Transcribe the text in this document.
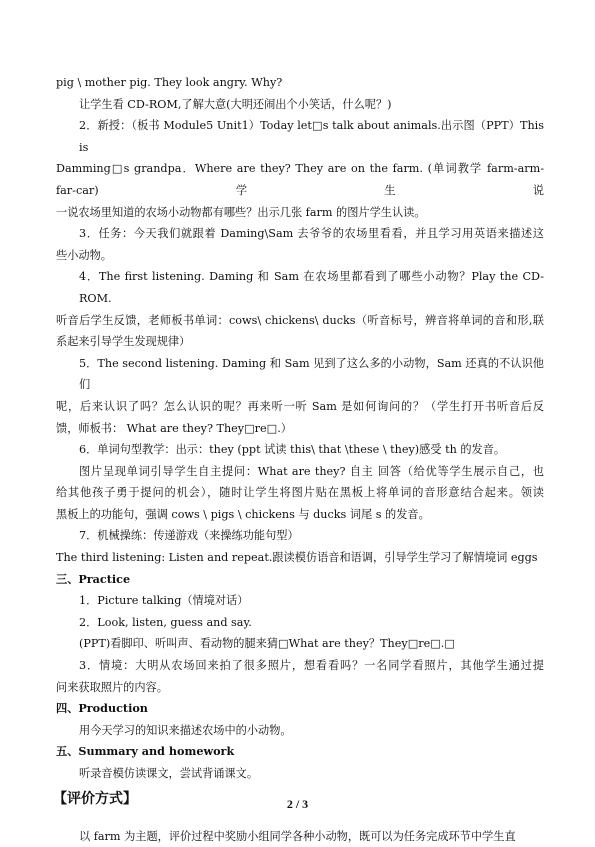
pig \ mother pig. They look angry. Why?

让学生看 CD-ROM,了解大意(大明还闹出个小笑话，什么呢？)

2．新授：（板书 Module5 Unit1）Today let□s talk about animals.出示图（PPT）This is

Damming□s grandpa．Where are they? They are on the farm. (单词教学 farm-arm- far-car)学生说

一说农场里知道的农场小动物都有哪些？出示几张 farm 的图片学生认读。

3．任务：今天我们就跟着 Daming\Sam 去爷爷的农场里看看，并且学习用英语来描述这

些小动物。

4．The first listening. Daming 和 Sam 在农场里都看到了哪些小动物？Play the CD-ROM.

听音后学生反馈，老师板书单词：cows\ chickens\ ducks（听音标号，辨音将单词的音和形,联

系起来引导学生发现规律）

5．The second listening. Daming 和 Sam 见到了这么多的小动物，Sam 还真的不认识他们

呢，后来认识了吗？怎么认识的呢？再来听一听 Sam 是如何询问的？（学生打开书听音后反

馈，师板书： What are they? They□re□.）

6．单词句型教学：出示：they (ppt 试读 this\ that \these \ they)感受 th 的发音。

图片呈现单词引导学生自主提问：What are they? 自主 回答（给优等学生展示自己，也

给其他孩子勇于提问的机会），随时让学生将图片贴在黑板上将单词的音形意结合起来。领读

黑板上的功能句，强调 cows \ pigs \ chickens 与 ducks 词尾 s 的发音。

7．机械操练：传递游戏（来操练功能句型）

The third listening: Listen and repeat.跟读模仿语音和语调，引导学生学习了解情境词 eggs

三、Practice

1．Picture talking（情境对话）

2．Look, listen, guess and say.

(PPT)看脚印、听叫声、看动物的腿来猜□What are they？They□re□.□

3．情境：大明从农场回来拍了很多照片，想看看吗？一名同学看照片，其他学生通过提

问来获取照片的内容。

四、Production

用今天学习的知识来描述农场中的小动物。

五、Summary and homework

听录音模仿读课文，尝试背诵课文。

【评价方式】

以 farm 为主题，评价过程中奖励小组同学各种小动物，既可以为任务完成环节中学生直

2 / 3
